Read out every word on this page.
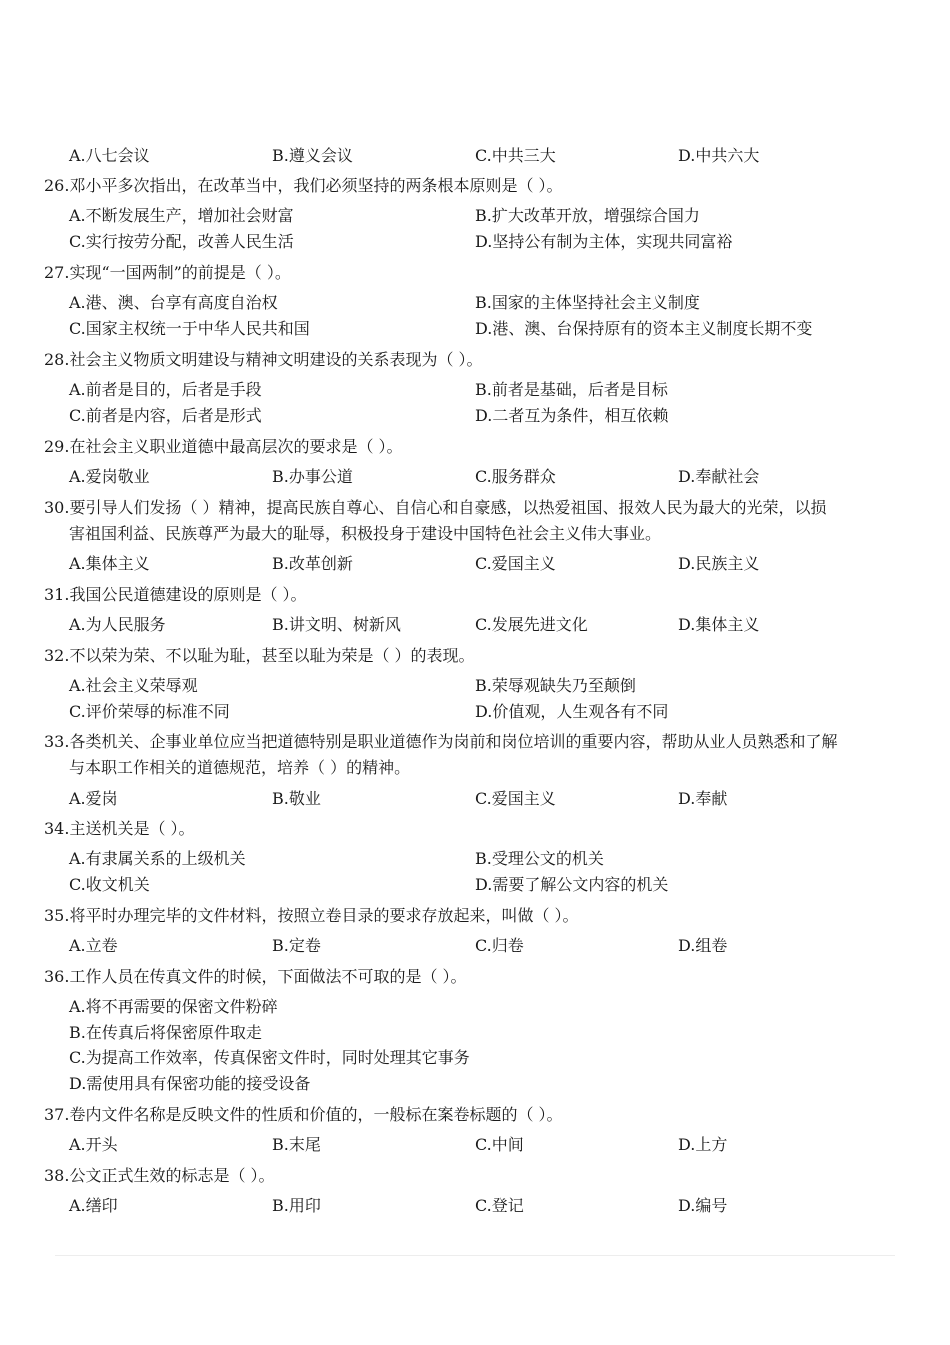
A.八七会议	B.遵义会议	C.中共三大	D.中共六大
26.邓小平多次指出，在改革当中，我们必须坚持的两条根本原则是（ ）。
A.不断发展生产，增加社会财富	B.扩大改革开放，增强综合国力
C.实行按劳分配，改善人民生活	D.坚持公有制为主体，实现共同富裕
27.实现“一国两制”的前提是（ ）。
A.港、澳、台享有高度自治权	B.国家的主体坚持社会主义制度
C.国家主权统一于中华人民共和国	D.港、澳、台保持原有的资本主义制度长期不变
28.社会主义物质文明建设与精神文明建设的关系表现为（ ）。
A.前者是目的，后者是手段	B.前者是基础，后者是目标
C.前者是内容，后者是形式	D.二者互为条件，相互依赖
29.在社会主义职业道德中最高层次的要求是（ ）。
A.爱岗敬业	B.办事公道	C.服务群众	D.奉献社会
30.要引导人们发扬（ ）精神，提高民族自尊心、自信心和自豪感，以热爱祖国、报效人民为最大的光荣，以损
害祖国利益、民族尊严为最大的耻辱，积极投身于建设中国特色社会主义伟大事业。
A.集体主义	B.改革创新	C.爱国主义	D.民族主义
31.我国公民道德建设的原则是（ ）。
A.为人民服务	B.讲文明、树新风	C.发展先进文化	D.集体主义
32.不以荣为荣、不以耻为耻，甚至以耻为荣是（ ）的表现。
A.社会主义荣辱观	B.荣辱观缺失乃至颠倒
C.评价荣辱的标准不同	D.价值观，人生观各有不同
33.各类机关、企事业单位应当把道德特别是职业道德作为岗前和岗位培训的重要内容，帮助从业人员熟悉和了解
与本职工作相关的道德规范，培养（ ）的精神。
A.爱岗	B.敬业	C.爱国主义	D.奉献
34.主送机关是（ ）。
A.有隶属关系的上级机关	B.受理公文的机关
C.收文机关	D.需要了解公文内容的机关
35.将平时办理完毕的文件材料，按照立卷目录的要求存放起来，叫做（ ）。
A.立卷	B.定卷	C.归卷	D.组卷
36.工作人员在传真文件的时候，下面做法不可取的是（ ）。
A.将不再需要的保密文件粉碎
B.在传真后将保密原件取走
C.为提高工作效率，传真保密文件时，同时处理其它事务
D.需使用具有保密功能的接受设备
37.卷内文件名称是反映文件的性质和价值的，一般标在案卷标题的（ ）。
A.开头	B.末尾	C.中间	D.上方
38.公文正式生效的标志是（ ）。
A.缮印	B.用印	C.登记	D.编号
